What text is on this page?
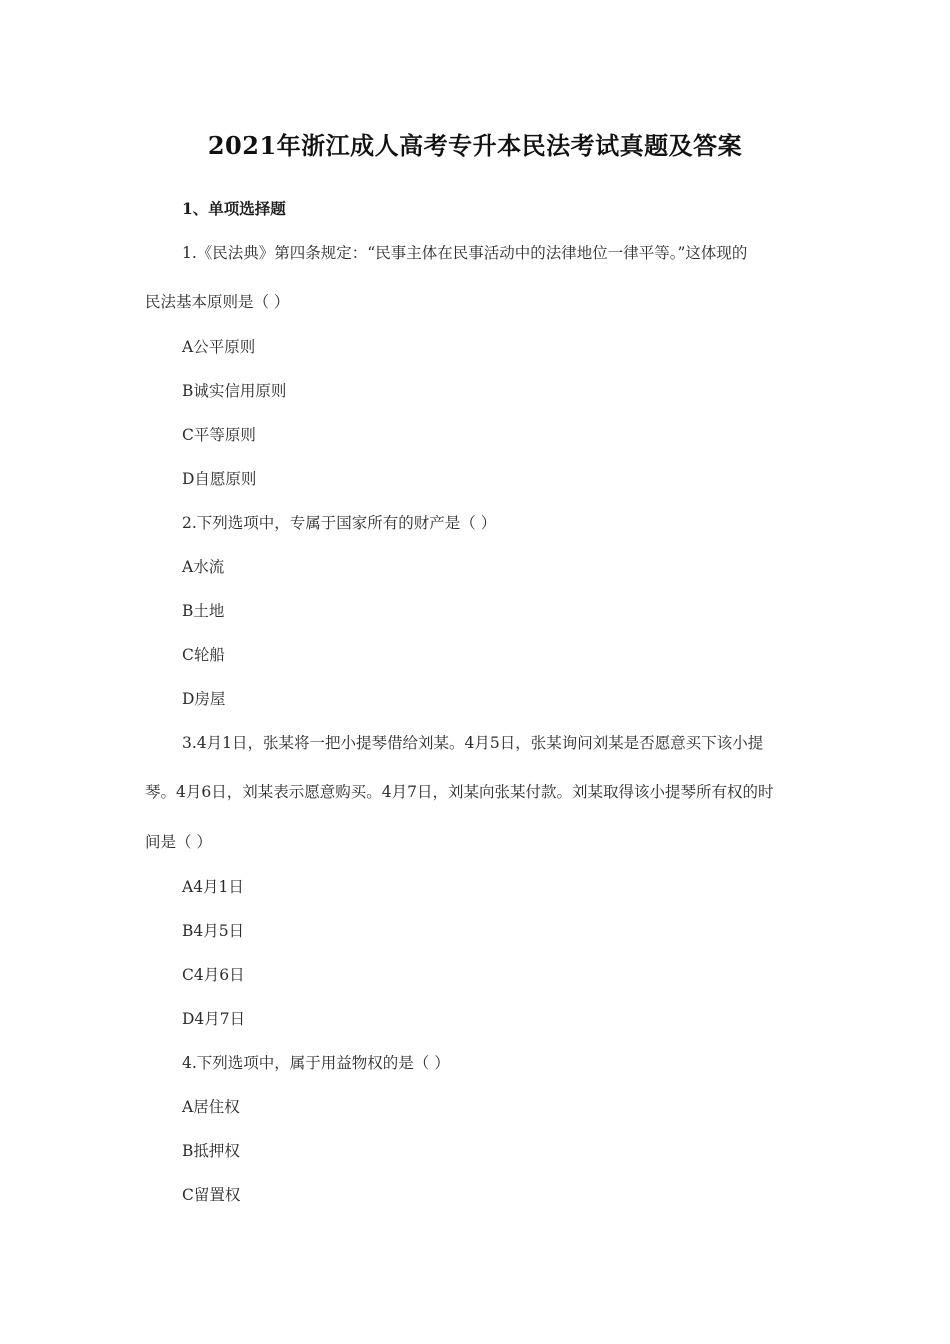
2021年浙江成人高考专升本民法考试真题及答案
1、单项选择题
1.《民法典》第四条规定：“民事主体在民事活动中的法律地位一律平等。”这体现的
民法基本原则是（ ）
A公平原则
B诚实信用原则
C平等原则
D自愿原则
2.下列选项中，专属于国家所有的财产是（ ）
A水流
B土地
C轮船
D房屋
3.4月1日，张某将一把小提琴借给刘某。4月5日，张某询问刘某是否愿意买下该小提
琴。4月6日，刘某表示愿意购买。4月7日，刘某向张某付款。刘某取得该小提琴所有权的时
间是（ ）
A4月1日
B4月5日
C4月6日
D4月7日
4.下列选项中，属于用益物权的是（ ）
A居住权
B抵押权
C留置权
